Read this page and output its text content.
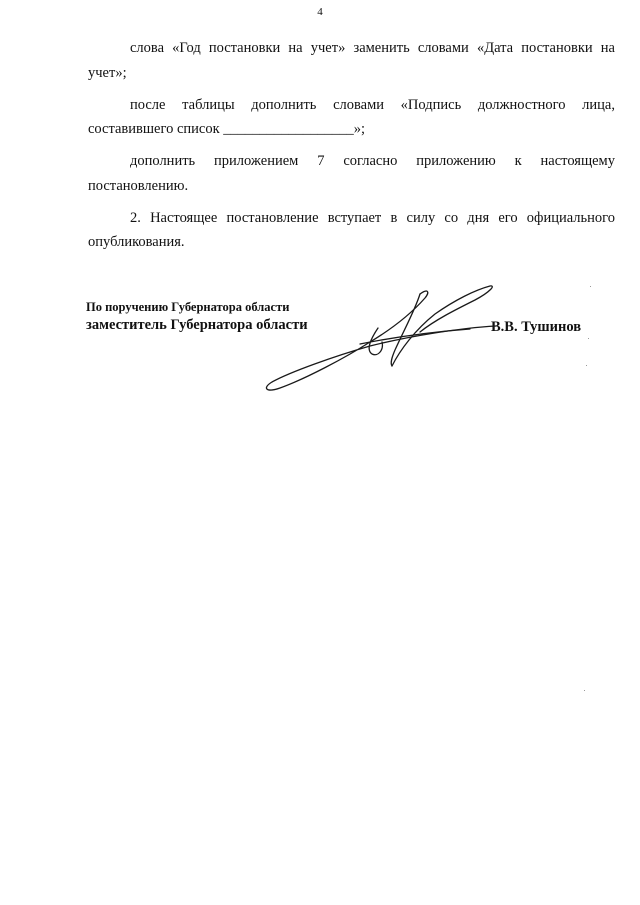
4

слова «Год постановки на учет» заменить словами «Дата постановки на учет»;

после таблицы дополнить словами «Подпись должностного лица, составившего список __________________»;

дополнить приложением 7 согласно приложению к настоящему постановлению.

2. Настоящее постановление вступает в силу со дня его официального опубликования.

По поручению Губернатора области
заместитель Губернатора области	В.В. Тушинов
